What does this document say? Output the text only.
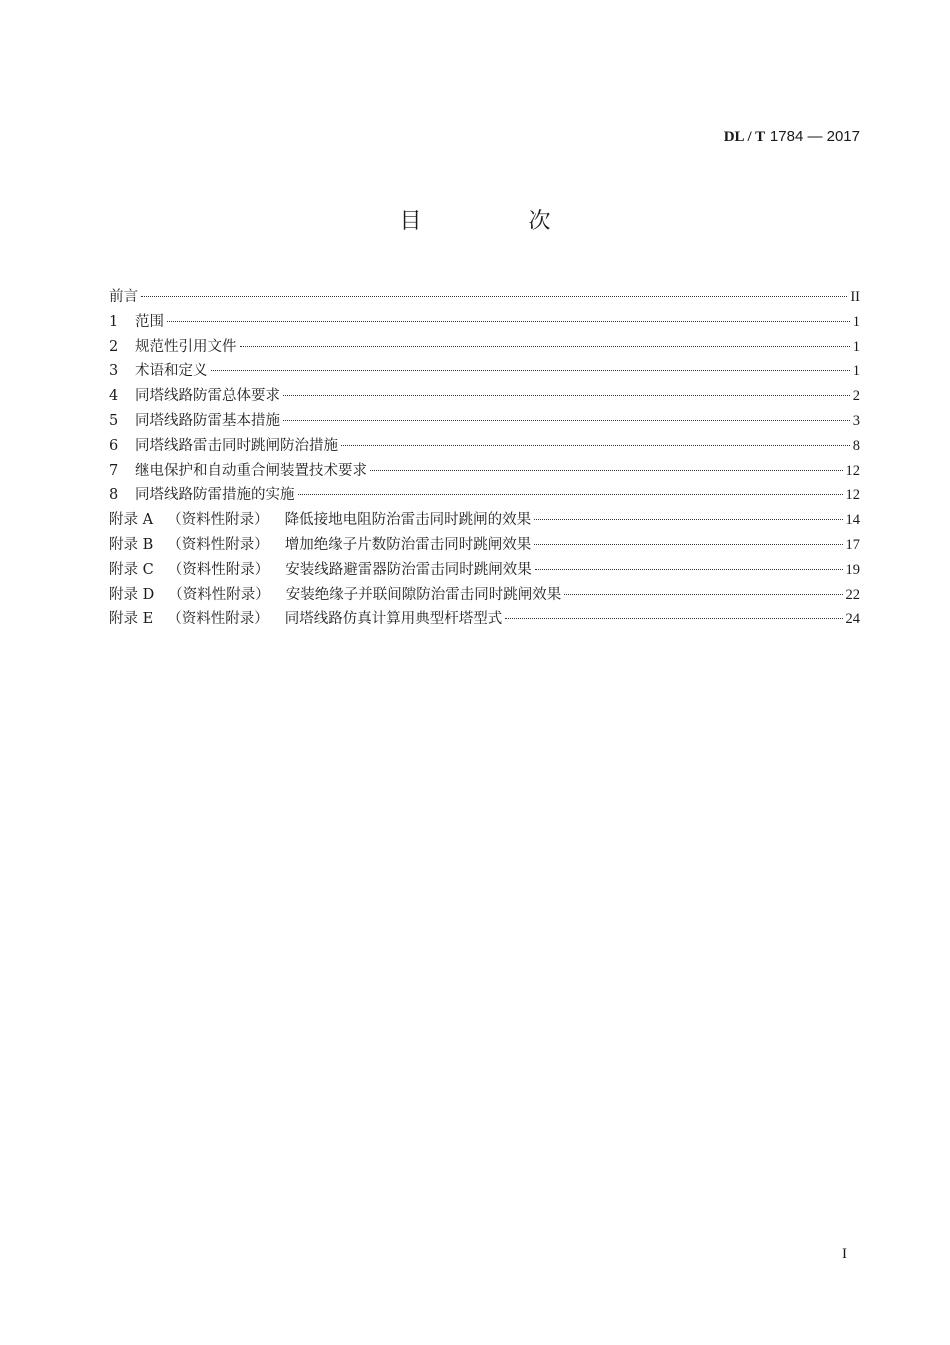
DL / T 1784 — 2017
目 次
前言	II
1	范围	1
2	规范性引用文件	1
3	术语和定义	1
4	同塔线路防雷总体要求	2
5	同塔线路防雷基本措施	3
6	同塔线路雷击同时跳闸防治措施	8
7	继电保护和自动重合闸装置技术要求	12
8	同塔线路防雷措施的实施	12
附录 A （资料性附录） 降低接地电阻防治雷击同时跳闸的效果	14
附录 B （资料性附录） 增加绝缘子片数防治雷击同时跳闸效果	17
附录 C （资料性附录） 安装线路避雷器防治雷击同时跳闸效果	19
附录 D （资料性附录） 安装绝缘子并联间隙防治雷击同时跳闸效果	22
附录 E （资料性附录） 同塔线路仿真计算用典型杆塔型式	24
I
